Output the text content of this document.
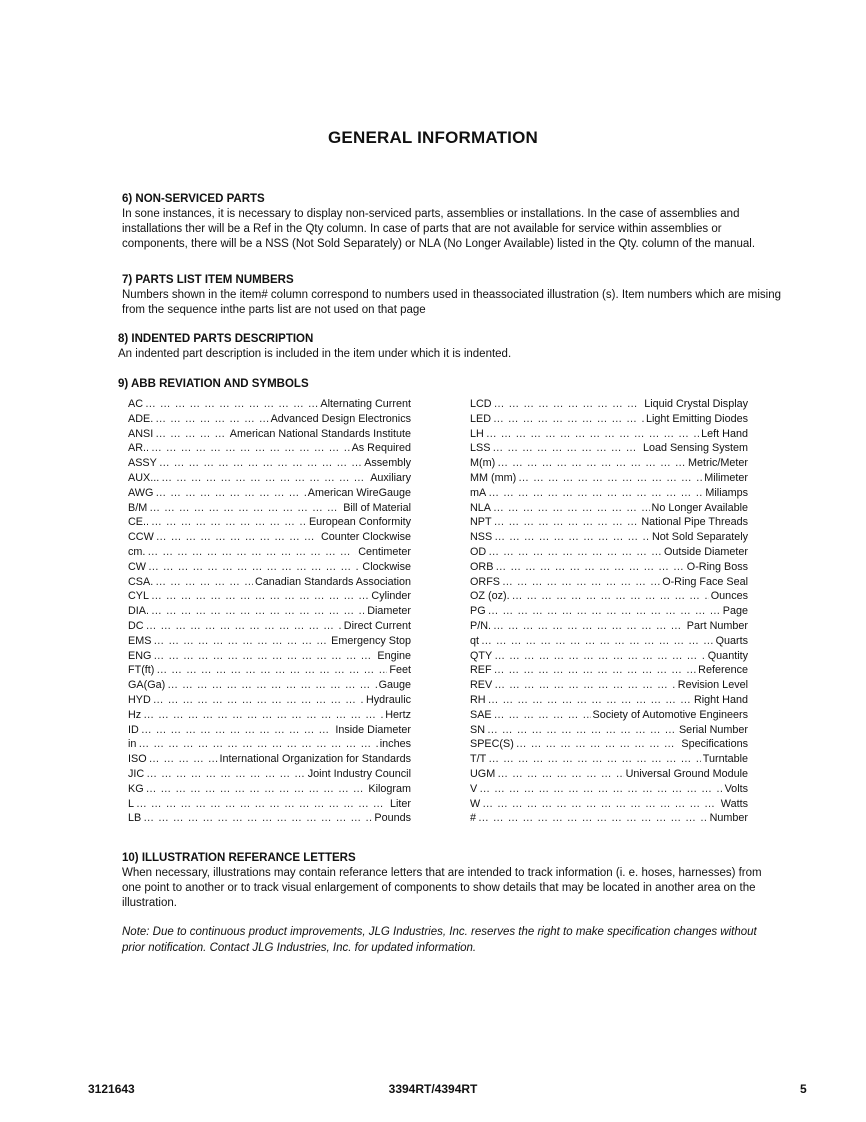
GENERAL INFORMATION
6) NON-SERVICED PARTS

In sone instances, it is necessary to display non-serviced parts, assemblies or installations. In the case of assemblies and installations ther will be a Ref in the Qty column. In case of parts that are not available for service within assemblies or components, there will be a NSS (Not Sold Separately) or NLA (No Longer Available) listed in the Qty. column of the manual.

7) PARTS LIST ITEM NUMBERS

Numbers shown in the item# column correspond to numbers used in theassociated illustration (s). Item numbers which are mising from the sequence inthe parts list are not used on that page

8) INDENTED PARTS DESCRIPTION

An indented part description is included in the item under which it is indented.

9) ABB REVIATION AND SYMBOLS
AC … … … … … … … … … … … … … … … … … … … … … … … … … … … … … … … … … … … … … … … …	Alternating Current
ADE. … … … … … … … … … … … … … … … … … … … … … … … … … … … … … … … … … … … … … … … …	Advanced Design Electronics
ANSI … … … … … … … … … … … … … … … … … … … … … … … … … … … … … … … … … … … … … … … …	American National Standards Institute
AR.. … … … … … … … … … … … … … … … … … … … … … … … … … … … … … … … … … … … … … … … …	As Required
ASSY … … … … … … … … … … … … … … … … … … … … … … … … … … … … … … … … … … … … … … … …	Assembly
AUX... … … … … … … … … … … … … … … … … … … … … … … … … … … … … … … … … … … … … … … … …	Auxiliary
AWG … … … … … … … … … … … … … … … … … … … … … … … … … … … … … … … … … … … … … … … …	American WireGauge
B/M … … … … … … … … … … … … … … … … … … … … … … … … … … … … … … … … … … … … … … … …	Bill of Material
CE.. … … … … … … … … … … … … … … … … … … … … … … … … … … … … … … … … … … … … … … … …	European Conformity
CCW … … … … … … … … … … … … … … … … … … … … … … … … … … … … … … … … … … … … … … … …	Counter Clockwise
cm. … … … … … … … … … … … … … … … … … … … … … … … … … … … … … … … … … … … … … … … …	Centimeter
CW … … … … … … … … … … … … … … … … … … … … … … … … … … … … … … … … … … … … … … … …	Clockwise
CSA. … … … … … … … … … … … … … … … … … … … … … … … … … … … … … … … … … … … … … … … …	Canadian Standards Association
CYL … … … … … … … … … … … … … … … … … … … … … … … … … … … … … … … … … … … … … … … …	Cylinder
DIA. … … … … … … … … … … … … … … … … … … … … … … … … … … … … … … … … … … … … … … … …	Diameter
DC … … … … … … … … … … … … … … … … … … … … … … … … … … … … … … … … … … … … … … … …	Direct Current
EMS … … … … … … … … … … … … … … … … … … … … … … … … … … … … … … … … … … … … … … … …	Emergency Stop
ENG … … … … … … … … … … … … … … … … … … … … … … … … … … … … … … … … … … … … … … … …	Engine
FT(ft) … … … … … … … … … … … … … … … … … … … … … … … … … … … … … … … … … … … … … … … …	Feet
GA(Ga) … … … … … … … … … … … … … … … … … … … … … … … … … … … … … … … … … … … … … … … …	Gauge
HYD … … … … … … … … … … … … … … … … … … … … … … … … … … … … … … … … … … … … … … … …	Hydraulic
Hz … … … … … … … … … … … … … … … … … … … … … … … … … … … … … … … … … … … … … … … …	Hertz
ID … … … … … … … … … … … … … … … … … … … … … … … … … … … … … … … … … … … … … … … …	Inside Diameter
in … … … … … … … … … … … … … … … … … … … … … … … … … … … … … … … … … … … … … … … …	inches
ISO … … … … … … … … … … … … … … … … … … … … … … … … … … … … … … … … … … … … … … … …	International Organization for Standards
JIC … … … … … … … … … … … … … … … … … … … … … … … … … … … … … … … … … … … … … … … …	Joint Industry Council
KG … … … … … … … … … … … … … … … … … … … … … … … … … … … … … … … … … … … … … … … …	Kilogram
L … … … … … … … … … … … … … … … … … … … … … … … … … … … … … … … … … … … … … … … …	Liter
LB … … … … … … … … … … … … … … … … … … … … … … … … … … … … … … … … … … … … … … … …	Pounds
LCD … … … … … … … … … … … … … … … … … … … … … … … … … … … … … … … … … … … … … … … …	Liquid Crystal Display
LED … … … … … … … … … … … … … … … … … … … … … … … … … … … … … … … … … … … … … … … …	Light Emitting Diodes
LH … … … … … … … … … … … … … … … … … … … … … … … … … … … … … … … … … … … … … … … …	Left Hand
LSS … … … … … … … … … … … … … … … … … … … … … … … … … … … … … … … … … … … … … … … …	Load Sensing System
M(m) … … … … … … … … … … … … … … … … … … … … … … … … … … … … … … … … … … … … … … … …	Metric/Meter
MM (mm) … … … … … … … … … … … … … … … … … … … … … … … … … … … … … … … … … … … … … … … …	Milimeter
mA … … … … … … … … … … … … … … … … … … … … … … … … … … … … … … … … … … … … … … … …	Miliamps
NLA … … … … … … … … … … … … … … … … … … … … … … … … … … … … … … … … … … … … … … … …	No Longer Available
NPT … … … … … … … … … … … … … … … … … … … … … … … … … … … … … … … … … … … … … … … …	National Pipe Threads
NSS … … … … … … … … … … … … … … … … … … … … … … … … … … … … … … … … … … … … … … … …	Not Sold Separately
OD … … … … … … … … … … … … … … … … … … … … … … … … … … … … … … … … … … … … … … … …	Outside Diameter
ORB … … … … … … … … … … … … … … … … … … … … … … … … … … … … … … … … … … … … … … … …	O-Ring Boss
ORFS … … … … … … … … … … … … … … … … … … … … … … … … … … … … … … … … … … … … … … … …	O-Ring Face Seal
OZ (oz). … … … … … … … … … … … … … … … … … … … … … … … … … … … … … … … … … … … … … … … …	Ounces
PG … … … … … … … … … … … … … … … … … … … … … … … … … … … … … … … … … … … … … … … …	Page
P/N. … … … … … … … … … … … … … … … … … … … … … … … … … … … … … … … … … … … … … … … …	Part Number
qt … … … … … … … … … … … … … … … … … … … … … … … … … … … … … … … … … … … … … … … …	Quarts
QTY … … … … … … … … … … … … … … … … … … … … … … … … … … … … … … … … … … … … … … … …	Quantity
REF … … … … … … … … … … … … … … … … … … … … … … … … … … … … … … … … … … … … … … … …	Reference
REV … … … … … … … … … … … … … … … … … … … … … … … … … … … … … … … … … … … … … … … …	Revision Level
RH … … … … … … … … … … … … … … … … … … … … … … … … … … … … … … … … … … … … … … … …	Right Hand
SAE … … … … … … … … … … … … … … … … … … … … … … … … … … … … … … … … … … … … … … … …	Society of Automotive Engineers
SN … … … … … … … … … … … … … … … … … … … … … … … … … … … … … … … … … … … … … … … …	Serial Number
SPEC(S) … … … … … … … … … … … … … … … … … … … … … … … … … … … … … … … … … … … … … … … …	Specifications
T/T … … … … … … … … … … … … … … … … … … … … … … … … … … … … … … … … … … … … … … … …	Turntable
UGM … … … … … … … … … … … … … … … … … … … … … … … … … … … … … … … … … … … … … … … …	Universal Ground Module
V … … … … … … … … … … … … … … … … … … … … … … … … … … … … … … … … … … … … … … … …	Volts
W … … … … … … … … … … … … … … … … … … … … … … … … … … … … … … … … … … … … … … … …	Watts
# … … … … … … … … … … … … … … … … … … … … … … … … … … … … … … … … … … … … … … … …	Number
10) ILLUSTRATION REFERANCE LETTERS

When necessary, illustrations may contain referance letters that are intended to track information (i. e. hoses, harnesses) from one point to another or to track visual enlargement of components to show details that may be located in another area on the illustration.

Note: Due to continuous product improvements, JLG Industries, Inc. reserves the right to make specification changes without prior notification. Contact JLG Industries, Inc. for updated information.
3121643	3394RT/4394RT	5
